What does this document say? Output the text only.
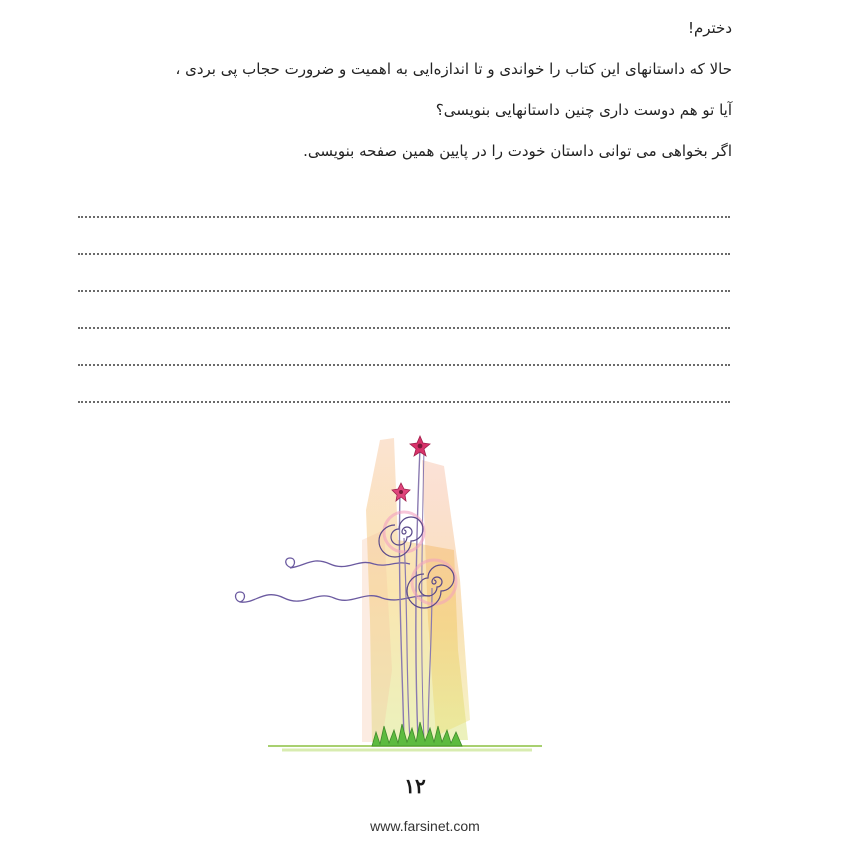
دخترم!
حالا که داستانهای این کتاب را خواندی و تا اندازه‌ایی به اهمیت و ضرورت حجاب پی بردی ،
آیا تو هم دوست داری چنین داستانهایی بنویسی؟
اگر بخواهی می توانی داستان خودت را در پایین همین صفحه بنویسی.
۱۲
www.farsinet.com
